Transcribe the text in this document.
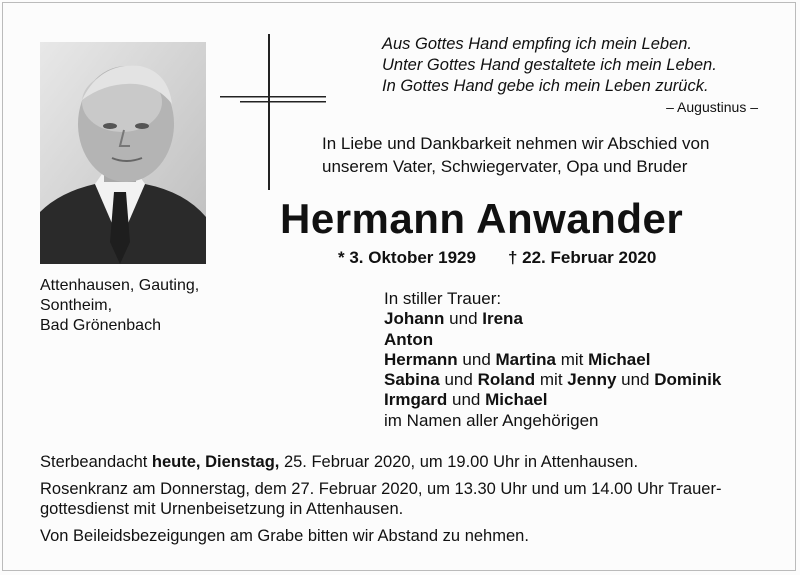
Aus Gottes Hand empfing ich mein Leben.
Unter Gottes Hand gestaltete ich mein Leben.
In Gottes Hand gebe ich mein Leben zurück.
– Augustinus –
In Liebe und Dankbarkeit nehmen wir Abschied von
unserem Vater, Schwiegervater, Opa und Bruder
Hermann Anwander
* 3. Oktober 1929 † 22. Februar 2020
Attenhausen, Gauting,
Sontheim,
Bad Grönenbach
In stiller Trauer:
Johann und Irena
Anton
Hermann und Martina mit Michael
Sabina und Roland mit Jenny und Dominik
Irmgard und Michael
im Namen aller Angehörigen

Sterbeandacht heute, Dienstag, 25. Februar 2020, um 19.00 Uhr in Attenhausen.

Rosenkranz am Donnerstag, dem 27. Februar 2020, um 13.30 Uhr und um 14.00 Uhr Trauer-
gottesdienst mit Urnenbeisetzung in Attenhausen.

Von Beileidsbezeigungen am Grabe bitten wir Abstand zu nehmen.
